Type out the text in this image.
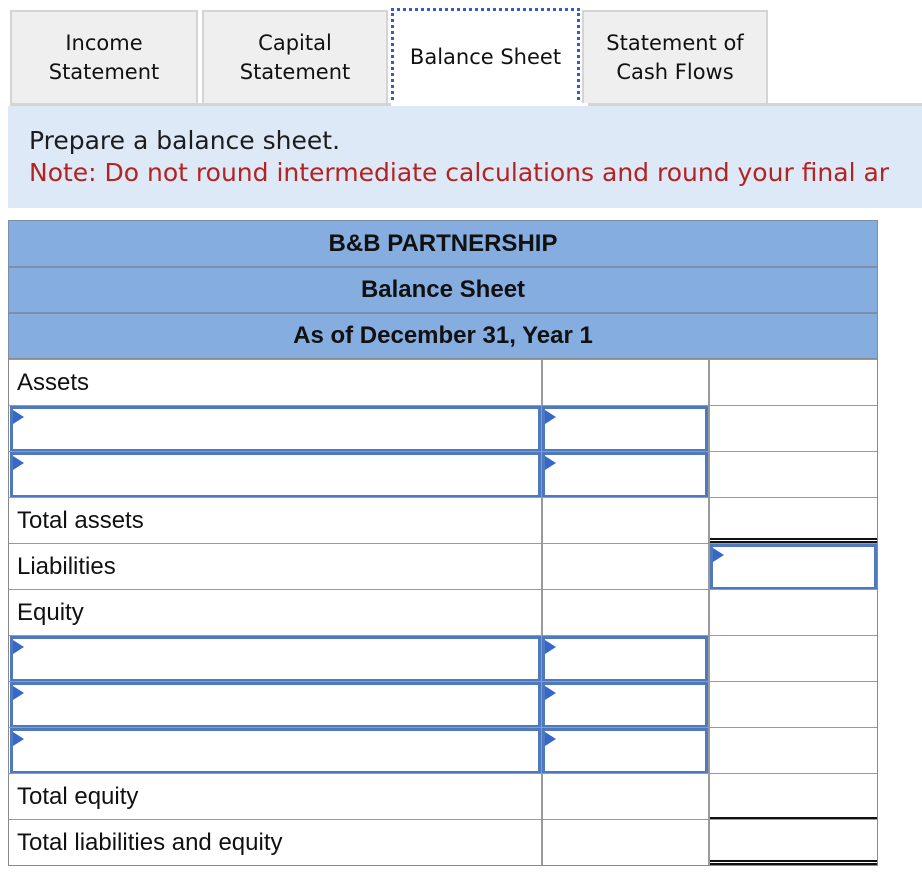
Income
Statement
Capital
Statement
Balance Sheet
Statement of
Cash Flows
Prepare a balance sheet.
Note: Do not round intermediate calculations and round your final ar
B&B PARTNERSHIP
Balance Sheet
As of December 31, Year 1
Assets
Total assets
Liabilities
Equity
Total equity
Total liabilities and equity
